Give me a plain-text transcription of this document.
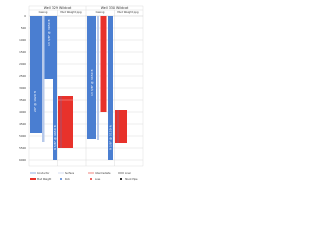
Well 329 Wildcat	Well 330 Wildcat
Casing	Mud Weight ppg	Casing	Mud Weight ppg
0
500
1000
1500
2000
2500
3000
3500
4000
4500
5000
5500
6000
20" @ 1620 ft
13 3/8" @ 3950 ft
9 5/8" @ 4650 ft
13 3/8" @ 3450 ft
9 5/8" @ 5150 ft
Conductor	Surface	Intermediate	Liner
Mud Weight	Kick	Loss	Stuck Pipe
